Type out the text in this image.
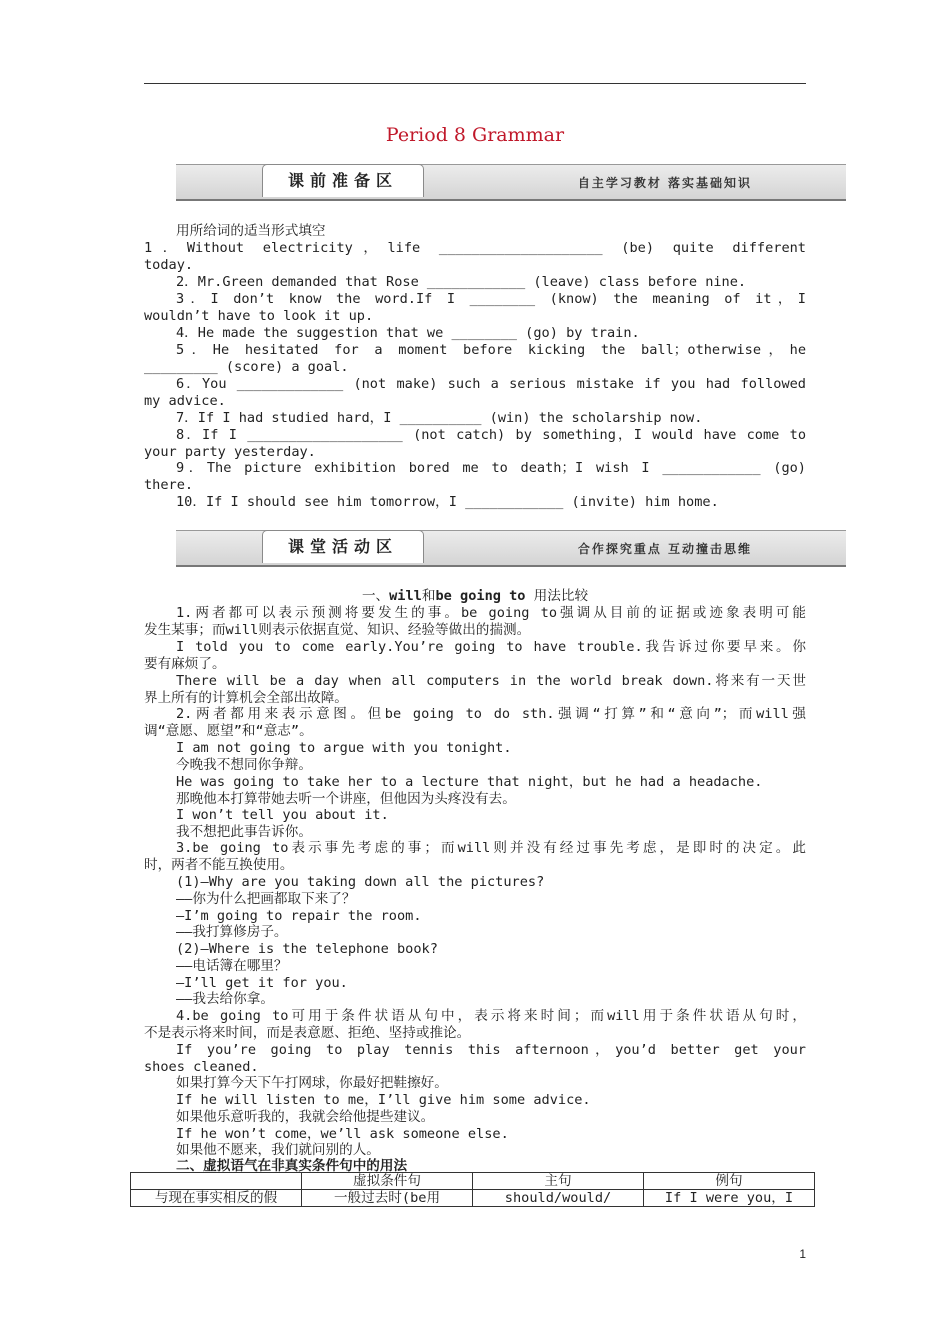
Period 8 Grammar
课前准备区	自主学习教材 落实基础知识
用所给词的适当形式填空
1．Without electricity，life ____________________ (be) quite different
today.
2．Mr.Green demanded that Rose ____________ (leave) class before nine.
3．I don’t know the word.If I ________ (know) the meaning of it，I
wouldn’t have to look it up.
4．He made the suggestion that we ________ (go) by train.
5．He hesitated for a moment before kicking the ball；otherwise，he
_________ (score) a goal.
6．You _____________ (not make) such a serious mistake if you had followed
my advice.
7．If I had studied hard，I __________ (win) the scholarship now.
8．If I ___________________ (not catch) by something，I would have come to
your party yesterday.
9．The picture exhibition bored me to death；I wish I ____________ (go)
there.
10．If I should see him tomorrow，I ____________ (invite) him home.
课堂活动区	合作探究重点 互动撞击思维
一、will和be going to 用法比较
1.两者都可以表示预测将要发生的事。be going to强调从目前的证据或迹象表明可能
发生某事；而will则表示依据直觉、知识、经验等做出的揣测。
I told you to come early.You’re going to have trouble.我告诉过你要早来。你
要有麻烦了。
There will be a day when all computers in the world break down.将来有一天世
界上所有的计算机会全部出故障。
2.两者都用来表示意图。但be going to do sth.强调“打算”和“意向”；而will强
调“意愿、愿望”和“意志”。
I am not going to argue with you tonight.
今晚我不想同你争辩。
He was going to take her to a lecture that night，but he had a headache.
那晚他本打算带她去听一个讲座，但他因为头疼没有去。
I won’t tell you about it.
我不想把此事告诉你。
3.be going to表示事先考虑的事；而will则并没有经过事先考虑，是即时的决定。此
时，两者不能互换使用。
(1)—Why are you taking down all the pictures?
——你为什么把画都取下来了？
—I’m going to repair the room.
——我打算修房子。
(2)—Where is the telephone book?
——电话簿在哪里？
—I’ll get it for you.
——我去给你拿。
4.be going to可用于条件状语从句中，表示将来时间；而will用于条件状语从句时，
不是表示将来时间，而是表意愿、拒绝、坚持或推论。
If you’re going to play tennis this afternoon，you’d better get your
shoes cleaned.
如果打算今天下午打网球，你最好把鞋擦好。
If he will listen to me，I’ll give him some advice.
如果他乐意听我的，我就会给他提些建议。
If he won’t come，we’ll ask someone else.
如果他不愿来，我们就问别的人。
二、虚拟语气在非真实条件句中的用法
	虚拟条件句	主句	例句
与现在事实相反的假	一般过去时(be用	should/would/	If I were you，I
1
